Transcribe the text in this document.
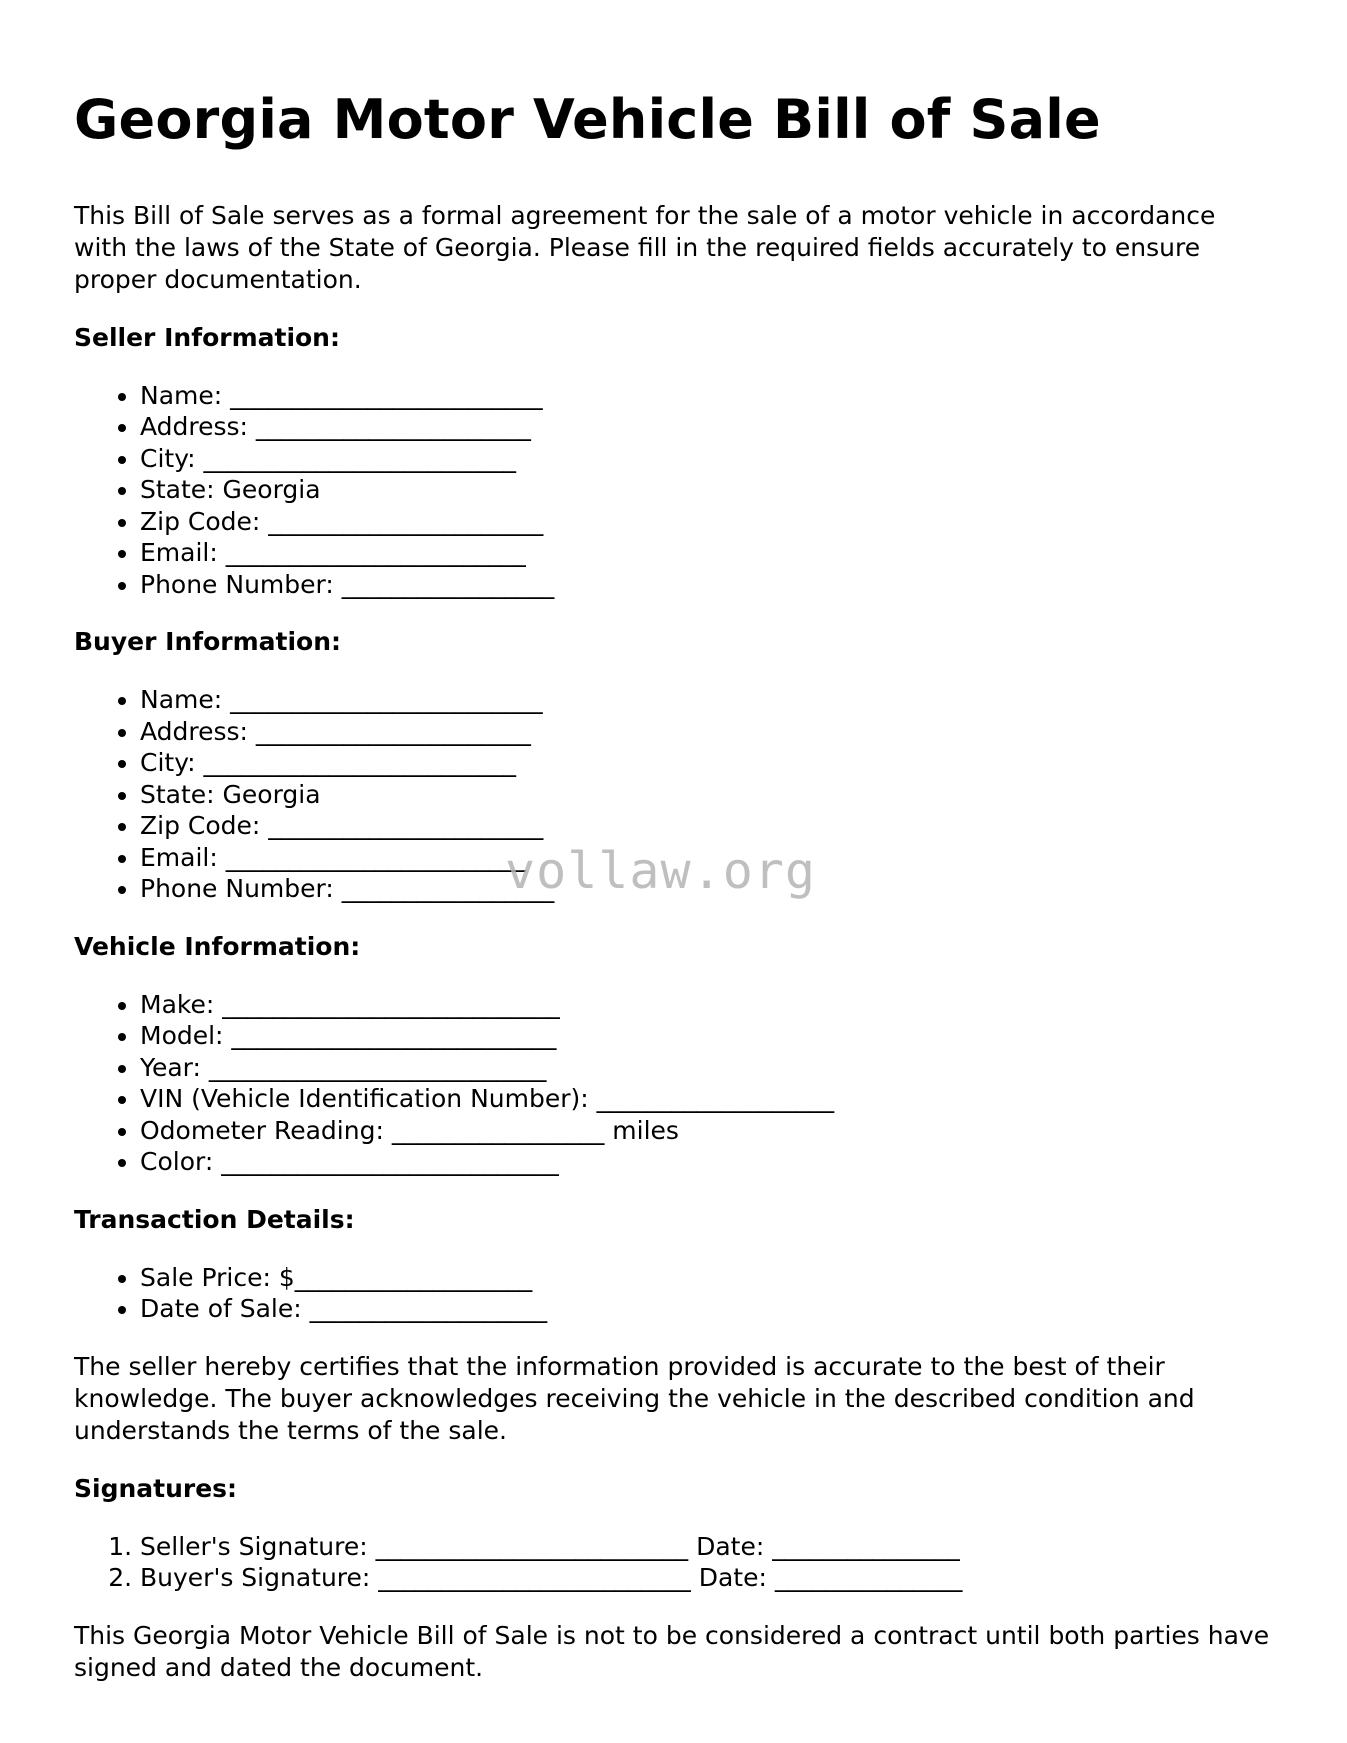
Georgia Motor Vehicle Bill of Sale

This Bill of Sale serves as a formal agreement for the sale of a motor vehicle in accordance with the laws of the State of Georgia. Please fill in the required fields accurately to ensure proper documentation.

Seller Information:
• Name: _________________________
• Address: ______________________
• City: _________________________
• State: Georgia
• Zip Code: ______________________
• Email: ________________________
• Phone Number: _________________
Buyer Information:
• Name: _________________________
• Address: ______________________
• City: _________________________
• State: Georgia
• Zip Code: ______________________
• Email: ________________________
• Phone Number: _________________
Vehicle Information:
• Make: ___________________________
• Model: __________________________
• Year: ___________________________
• VIN (Vehicle Identification Number): ___________________
• Odometer Reading: _________________ miles
• Color: ___________________________
Transaction Details:
• Sale Price: $___________________
• Date of Sale: ___________________

The seller hereby certifies that the information provided is accurate to the best of their knowledge. The buyer acknowledges receiving the vehicle in the described condition and understands the terms of the sale.

Signatures:
1. Seller's Signature: _________________________ Date: _______________
2. Buyer's Signature: _________________________ Date: _______________

This Georgia Motor Vehicle Bill of Sale is not to be considered a contract until both parties have signed and dated the document.

vollaw.org
